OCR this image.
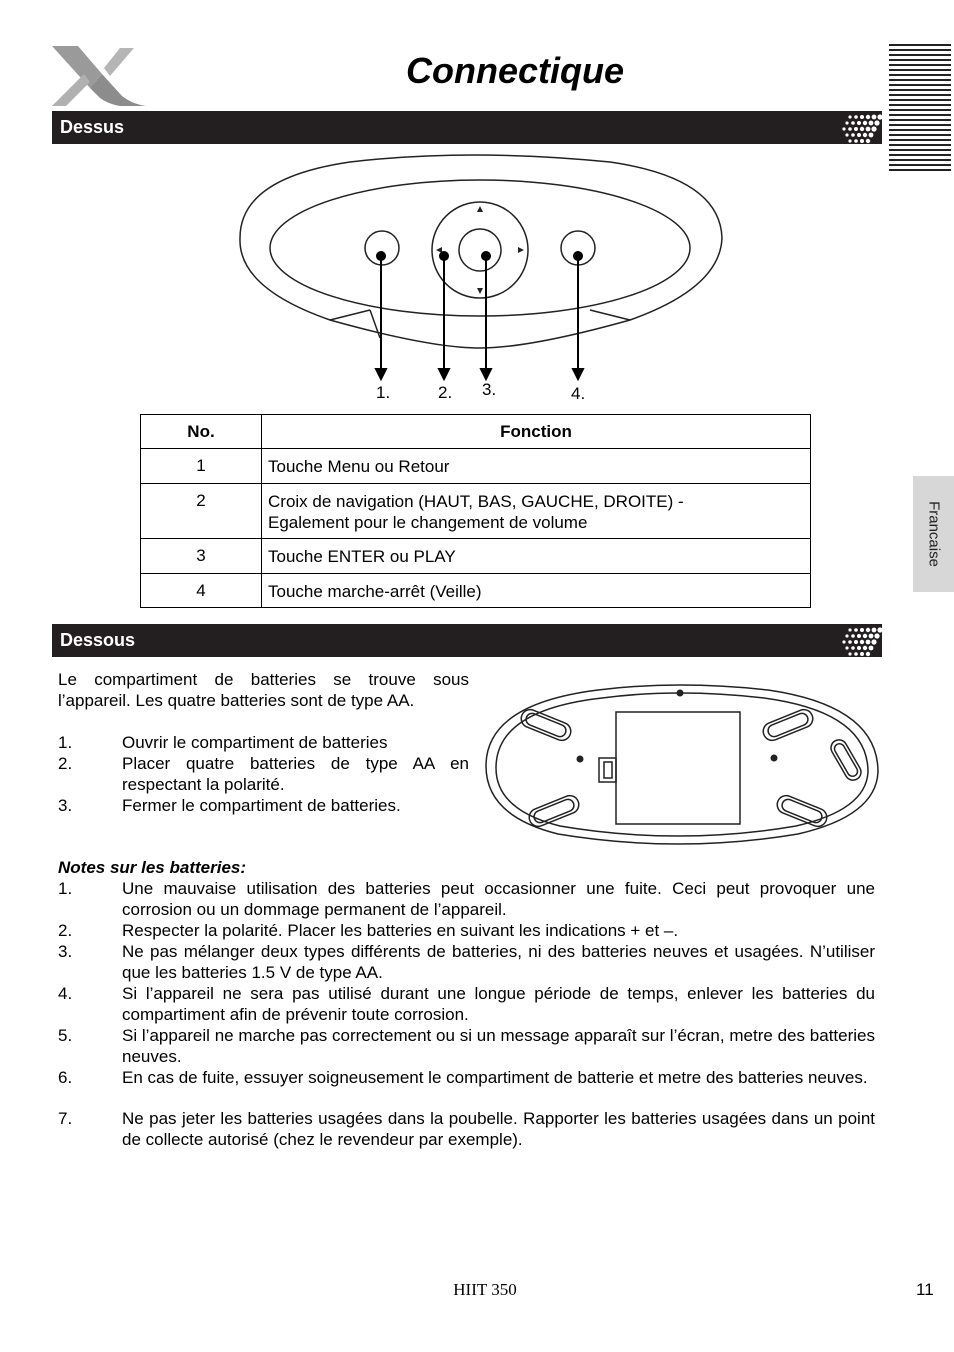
Connectique
Dessus
1.	2. 3.	4.
No.	Fonction
1	Touche Menu ou Retour
2	Croix de navigation (HAUT, BAS, GAUCHE, DROITE) -
Egalement pour le changement de volume
3	Touche ENTER ou PLAY
4	Touche marche-arrêt (Veille)
Francaise
Dessous
Le compartiment de batteries se trouve sous l’appareil. Les quatre batteries sont de type AA.
1.	Ouvrir le compartiment de batteries
2.	Placer quatre batteries de type AA en respectant la polarité.
3.	Fermer le compartiment de batteries.
Notes sur les batteries:
1.	Une mauvaise utilisation des batteries peut occasionner une fuite. Ceci peut provoquer une corrosion ou un dommage permanent de l’appareil.
2.	Respecter la polarité. Placer les batteries en suivant les indications + et –.
3.	Ne pas mélanger deux types différents de batteries, ni des batteries neuves et usagées. N’utiliser que les batteries 1.5 V de type AA.
4.	Si l’appareil ne sera pas utilisé durant une longue période de temps, enlever les batteries du compartiment afin de prévenir toute corrosion.
5.	Si l’appareil ne marche pas correctement ou si un message apparaît sur l’écran, metre des batteries neuves.
6.	En cas de fuite, essuyer soigneusement le compartiment de batterie et metre des batteries neuves.
7.	Ne pas jeter les batteries usagées dans la poubelle. Rapporter les batteries usagées dans un point de collecte autorisé (chez le revendeur par exemple).
HIIT 350	11
